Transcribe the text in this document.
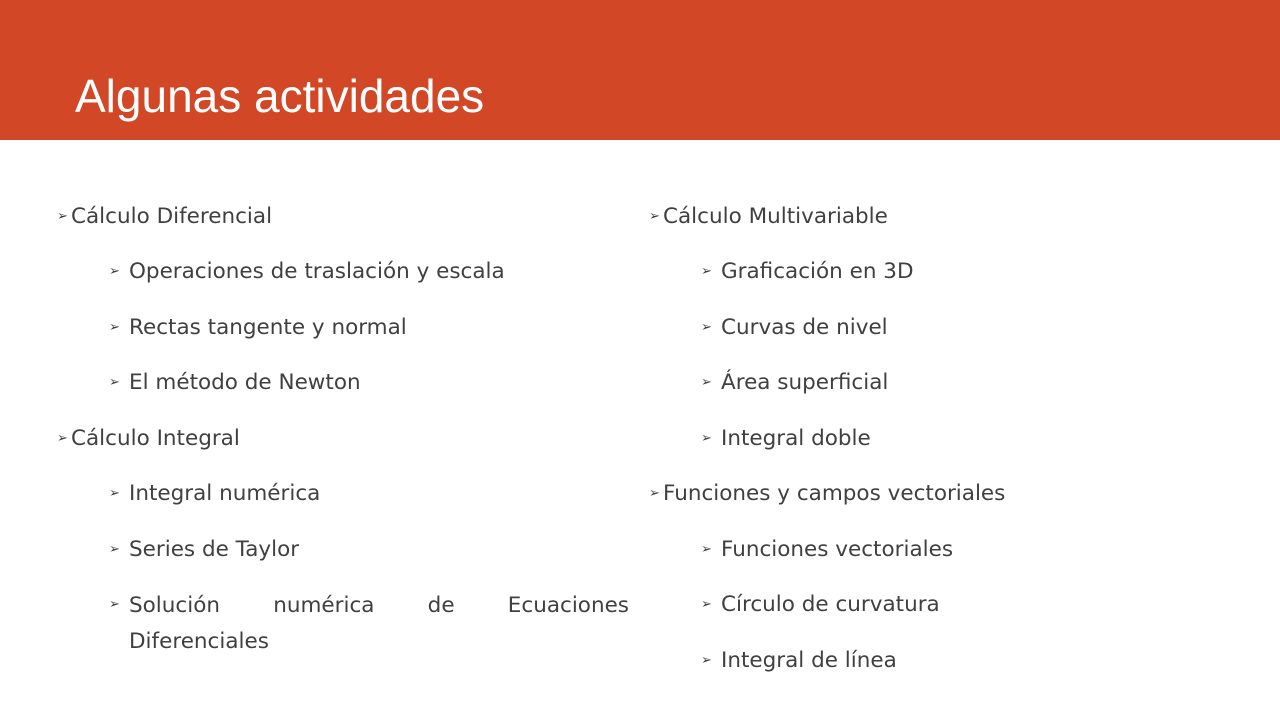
Algunas actividades
➢ Cálculo Diferencial
➢ Operaciones de traslación y escala
➢ Rectas tangente y normal
➢ El método de Newton
➢ Cálculo Integral
➢ Integral numérica
➢ Series de Taylor
➢ Solución numérica de Ecuaciones Diferenciales
➢ Cálculo Multivariable
➢ Graficación en 3D
➢ Curvas de nivel
➢ Área superficial
➢ Integral doble
➢ Funciones y campos vectoriales
➢ Funciones vectoriales
➢ Círculo de curvatura
➢ Integral de línea
